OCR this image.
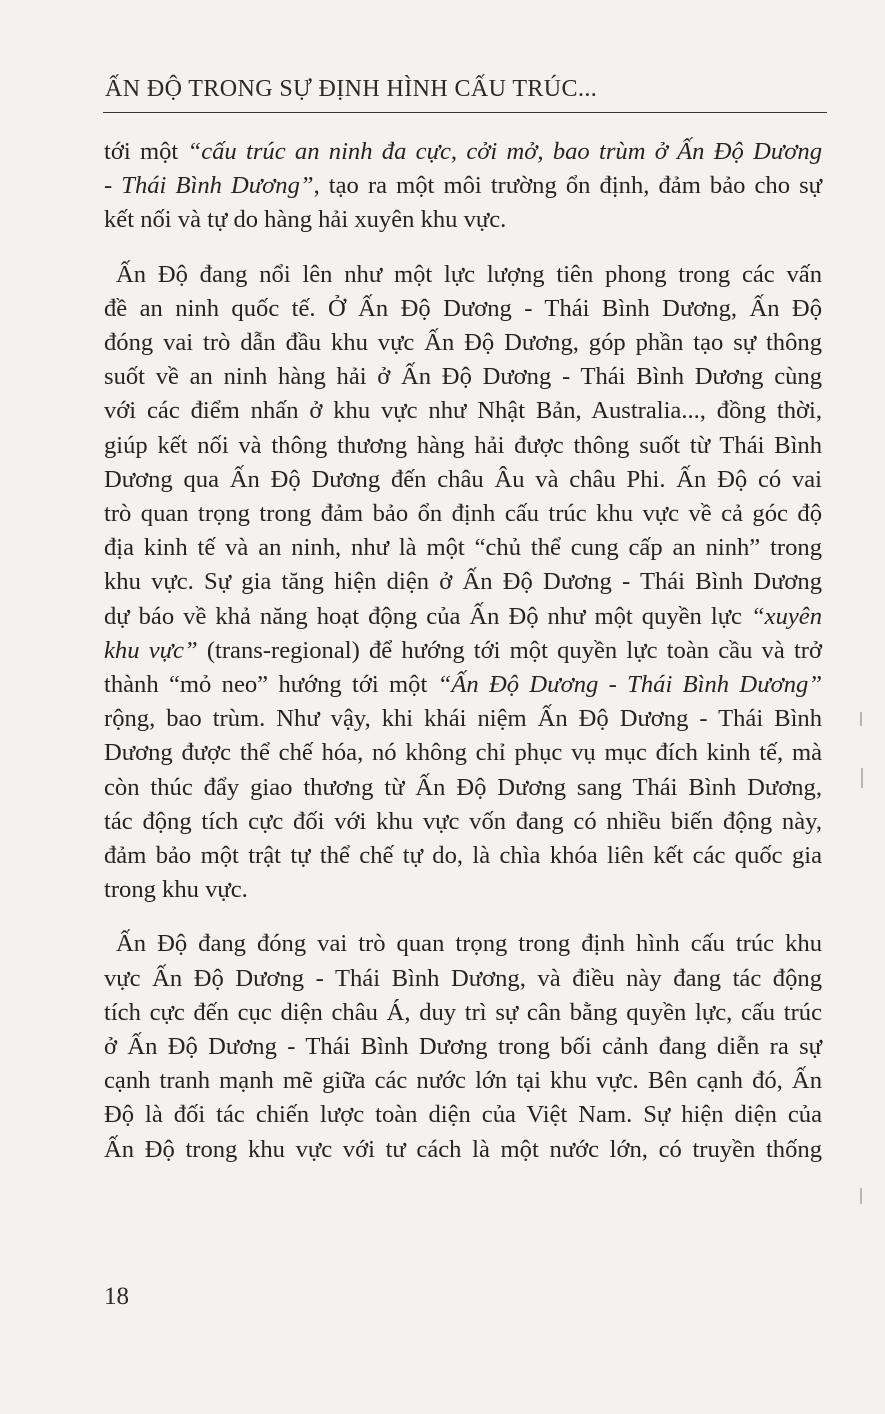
ẤN ĐỘ TRONG SỰ ĐỊNH HÌNH CẤU TRÚC...

tới một “cấu trúc an ninh đa cực, cởi mở, bao trùm ở Ấn Độ Dương
- Thái Bình Dương”, tạo ra một môi trường ổn định, đảm bảo cho sự
kết nối và tự do hàng hải xuyên khu vực.

Ấn Độ đang nổi lên như một lực lượng tiên phong trong các vấn
đề an ninh quốc tế. Ở Ấn Độ Dương - Thái Bình Dương, Ấn Độ
đóng vai trò dẫn đầu khu vực Ấn Độ Dương, góp phần tạo sự thông
suốt về an ninh hàng hải ở Ấn Độ Dương - Thái Bình Dương cùng
với các điểm nhấn ở khu vực như Nhật Bản, Australia..., đồng thời,
giúp kết nối và thông thương hàng hải được thông suốt từ Thái Bình
Dương qua Ấn Độ Dương đến châu Âu và châu Phi. Ấn Độ có vai
trò quan trọng trong đảm bảo ổn định cấu trúc khu vực về cả góc độ
địa kinh tế và an ninh, như là một “chủ thể cung cấp an ninh” trong
khu vực. Sự gia tăng hiện diện ở Ấn Độ Dương - Thái Bình Dương
dự báo về khả năng hoạt động của Ấn Độ như một quyền lực “xuyên
khu vực” (trans-regional) để hướng tới một quyền lực toàn cầu và trở
thành “mỏ neo” hướng tới một “Ấn Độ Dương - Thái Bình Dương”
rộng, bao trùm. Như vậy, khi khái niệm Ấn Độ Dương - Thái Bình
Dương được thể chế hóa, nó không chỉ phục vụ mục đích kinh tế, mà
còn thúc đẩy giao thương từ Ấn Độ Dương sang Thái Bình Dương,
tác động tích cực đối với khu vực vốn đang có nhiều biến động này,
đảm bảo một trật tự thể chế tự do, là chìa khóa liên kết các quốc gia
trong khu vực.

Ấn Độ đang đóng vai trò quan trọng trong định hình cấu trúc khu
vực Ấn Độ Dương - Thái Bình Dương, và điều này đang tác động
tích cực đến cục diện châu Á, duy trì sự cân bằng quyền lực, cấu trúc
ở Ấn Độ Dương - Thái Bình Dương trong bối cảnh đang diễn ra sự
cạnh tranh mạnh mẽ giữa các nước lớn tại khu vực. Bên cạnh đó, Ấn
Độ là đối tác chiến lược toàn diện của Việt Nam. Sự hiện diện của
Ấn Độ trong khu vực với tư cách là một nước lớn, có truyền thống

18
